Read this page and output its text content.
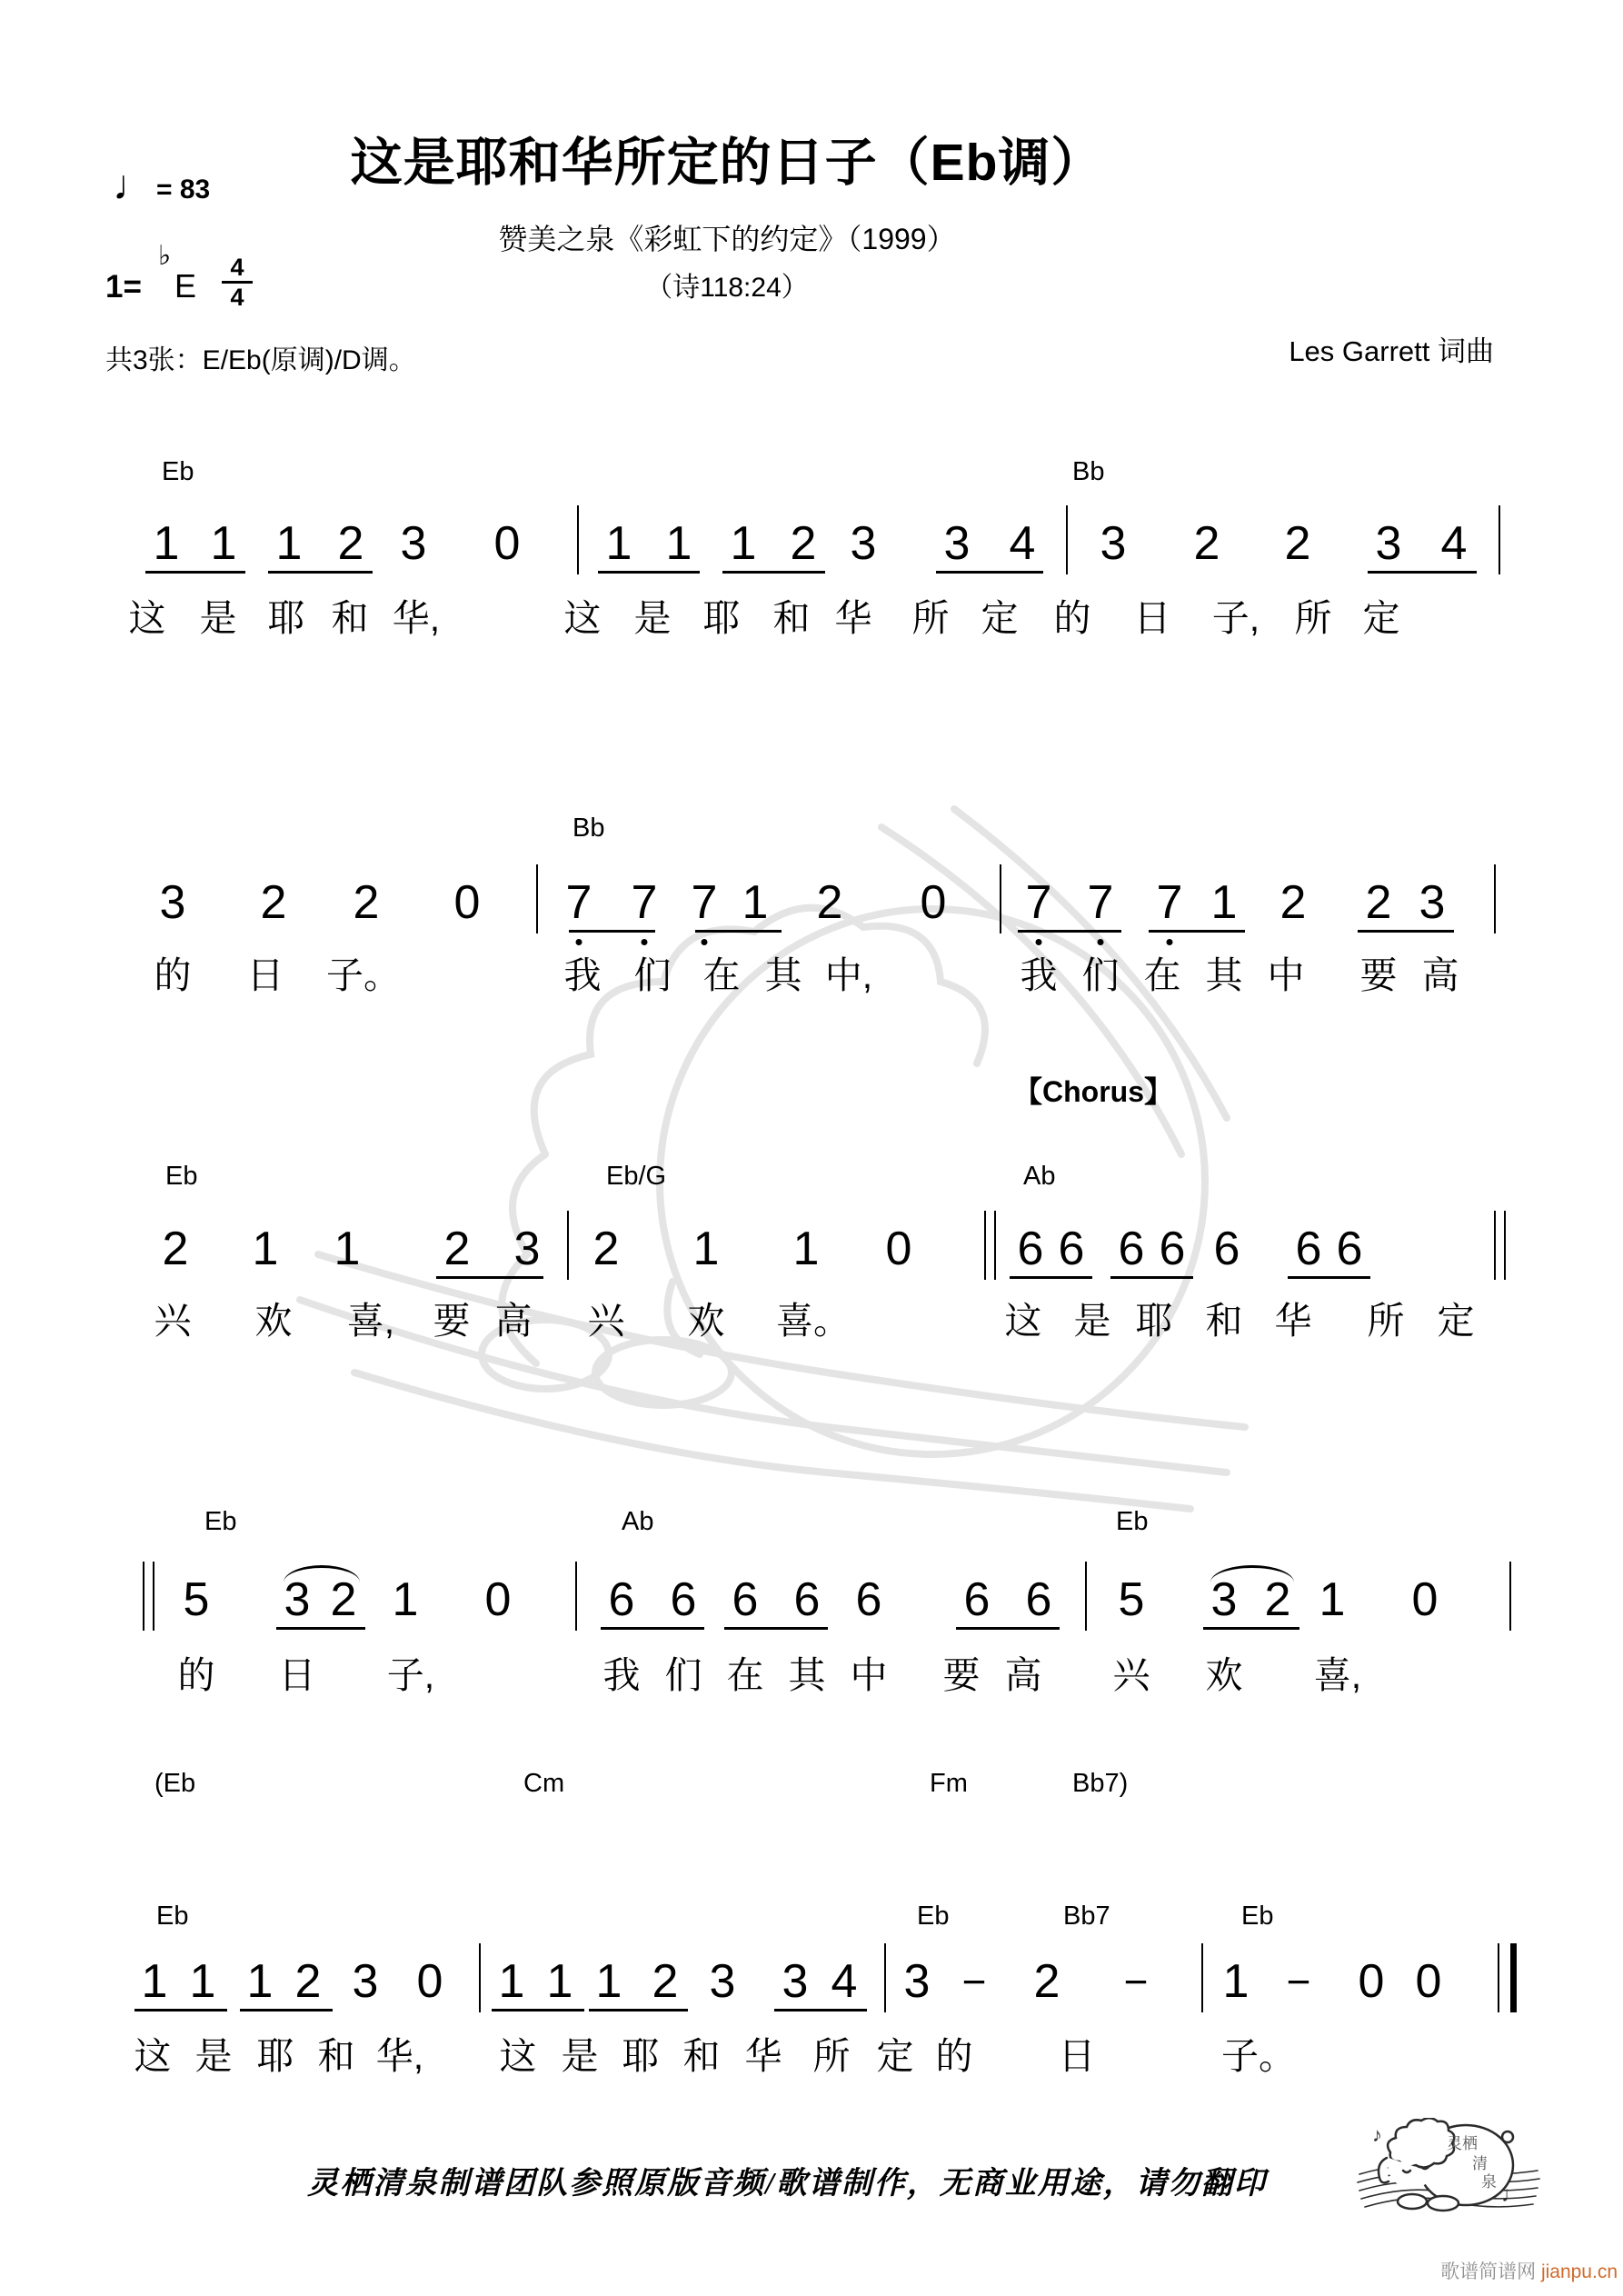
♩ = 83	这是耶和华所定的日子（Eb调）
赞美之泉《彩虹下的约定》（1999）
（诗118:24）
1=
♭
E	4
4
共3张：E/Eb(原调)/D调。	Les Garrett 词曲
Eb	Bb
1 1 1 2 3 0 1 1 1 2 3 3 4 3 2 2 3 4
这 是 耶 和 华,	这 是 耶 和 华 所 定 的 日 子, 所 定
Bb
3 2 2 0 7 7 7 1 2 0 7 7 7 1 2 2 3
的 日 子。	我 们 在 其 中,	我 们 在 其 中 要 高
Eb	Eb/G	Ab
2 1 1 2 3 2 1 1 0 6 6 6 6 6 6 6
兴 欢 喜, 要 高 兴 欢 喜。	这 是 耶 和 华 所 定
Eb	Ab	Eb
5 3 2 1 0 6 6 6 6 6 6 6 5 3 2 1 0
的 日 子,	我 们 在 其 中 要 高 兴 欢 喜,
(Eb	Cm	Fm	Bb7)
Eb	Eb	Bb7	Eb
1 1 1 2 3 0 1 1 1 2 3 3 4 3 − 2 − 1 − 0 0
这 是 耶 和 华, 这 是 耶 和 华 所 定 的 日	子。
【Chorus】
灵栖清泉制谱团队参照原版音频/歌谱制作，无商业用途，请勿翻印
灵栖
清
泉
♪
♩
歌谱简谱网 jianpu.cn
